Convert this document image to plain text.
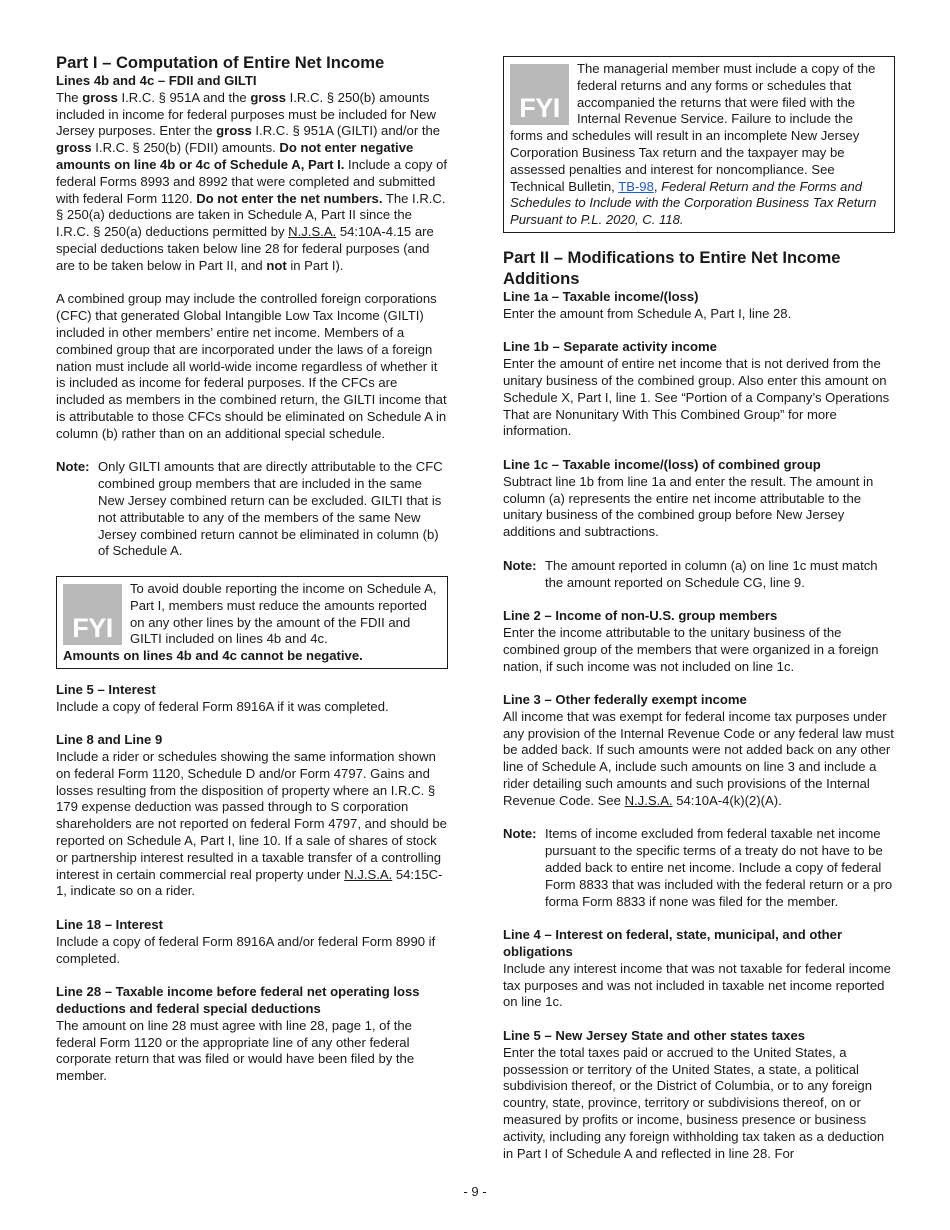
Part I – Computation of Entire Net Income
Lines 4b and 4c – FDII and GILTI

The gross I.R.C. § 951A and the gross I.R.C. § 250(b) amounts included in income for federal purposes must be included for New Jersey purposes. Enter the gross I.R.C. § 951A (GILTI) and/or the gross I.R.C. § 250(b) (FDII) amounts. Do not enter negative amounts on line 4b or 4c of Schedule A, Part I. Include a copy of federal Forms 8993 and 8992 that were completed and submitted with federal Form 1120. Do not enter the net numbers. The I.R.C. § 250(a) deductions are taken in Schedule A, Part II since the I.R.C. § 250(a) deductions permitted by N.J.S.A. 54:10A-4.15 are special deductions taken below line 28 for federal purposes (and are to be taken below in Part II, and not in Part I).

A combined group may include the controlled foreign corporations (CFC) that generated Global Intangible Low Tax Income (GILTI) included in other members’ entire net income. Members of a combined group that are incorporated under the laws of a foreign nation must include all world-wide income regardless of whether it is included as income for federal purposes. If the CFCs are included as members in the combined return, the GILTI income that is attributable to those CFCs should be eliminated on Schedule A in column (b) rather than on an additional special schedule.

Note: Only GILTI amounts that are directly attributable to the CFC combined group members that are included in the same New Jersey combined return can be excluded. GILTI that is not attributable to any of the members of the same New Jersey combined return cannot be eliminated in column (b) of Schedule A.
FYI

To avoid double reporting the income on Schedule A, Part I, members must reduce the amounts reported on any other lines by the amount of the FDII and GILTI included on lines 4b and 4c.

Amounts on lines 4b and 4c cannot be negative.

Line 5 – Interest

Include a copy of federal Form 8916A if it was completed.

Line 8 and Line 9

Include a rider or schedules showing the same information shown on federal Form 1120, Schedule D and/or Form 4797. Gains and losses resulting from the disposition of property where an I.R.C. § 179 expense deduction was passed through to S corporation shareholders are not reported on federal Form 4797, and should be reported on Schedule A, Part I, line 10. If a sale of shares of stock or partnership interest resulted in a taxable transfer of a controlling interest in certain commercial real property under N.J.S.A. 54:15C-1, indicate so on a rider.

Line 18 – Interest

Include a copy of federal Form 8916A and/or federal Form 8990 if completed.

Line 28 – Taxable income before federal net operating loss deductions and federal special deductions

The amount on line 28 must agree with line 28, page 1, of the federal Form 1120 or the appropriate line of any other federal corporate return that was filed or would have been filed by the member.

FYI

The managerial member must include a copy of the federal returns and any forms or schedules that accompanied the returns that were filed with the Internal Revenue Service. Failure to include the forms and schedules will result in an incomplete New Jersey Corporation Business Tax return and the taxpayer may be assessed penalties and interest for noncompliance. See Technical Bulletin, TB-98, Federal Return and the Forms and Schedules to Include with the Corporation Business Tax Return Pursuant to P.L. 2020, C. 118.

Part II – Modifications to Entire Net Income
Additions
Line 1a – Taxable income/(loss)

Enter the amount from Schedule A, Part I, line 28.

Line 1b – Separate activity income

Enter the amount of entire net income that is not derived from the unitary business of the combined group. Also enter this amount on Schedule X, Part I, line 1. See “Portion of a Company’s Operations That are Nonunitary With This Combined Group” for more information.

Line 1c – Taxable income/(loss) of combined group

Subtract line 1b from line 1a and enter the result. The amount in column (a) represents the entire net income attributable to the unitary business of the combined group before New Jersey additions and subtractions.

Note: The amount reported in column (a) on line 1c must match the amount reported on Schedule CG, line 9.
Line 2 – Income of non-U.S. group members

Enter the income attributable to the unitary business of the combined group of the members that were organized in a foreign nation, if such income was not included on line 1c.

Line 3 – Other federally exempt income

All income that was exempt for federal income tax purposes under any provision of the Internal Revenue Code or any federal law must be added back. If such amounts were not added back on any other line of Schedule A, include such amounts on line 3 and include a rider detailing such amounts and such provisions of the Internal Revenue Code. See N.J.S.A. 54:10A-4(k)(2)(A).

Note: Items of income excluded from federal taxable net income pursuant to the specific terms of a treaty do not have to be added back to entire net income. Include a copy of federal Form 8833 that was included with the federal return or a pro forma Form 8833 if none was filed for the member.
Line 4 – Interest on federal, state, municipal, and other obligations

Include any interest income that was not taxable for federal income tax purposes and was not included in taxable net income reported on line 1c.

Line 5 – New Jersey State and other states taxes

Enter the total taxes paid or accrued to the United States, a possession or territory of the United States, a state, a political subdivision thereof, or the District of Columbia, or to any foreign country, state, province, territory or subdivisions thereof, on or measured by profits or income, business presence or business activity, including any foreign withholding tax taken as a deduction in Part I of Schedule A and reflected in line 28. For

- 9 -
